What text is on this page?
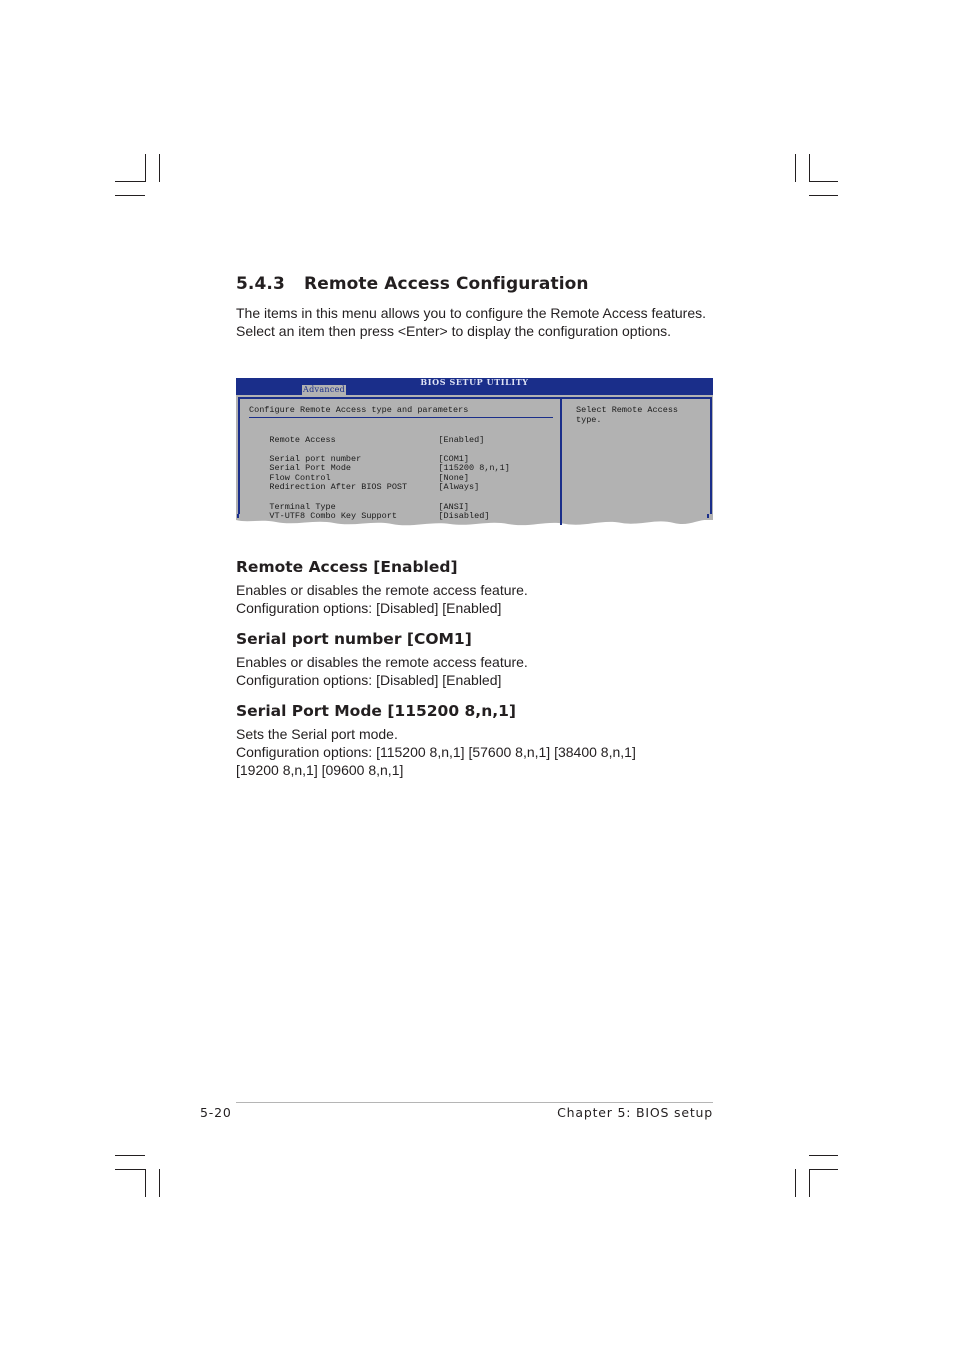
5.4.3 Remote Access Configuration

The items in this menu allows you to configure the Remote Access features. Select an item then press <Enter> to display the configuration options.

BIOS SETUP UTILITY
Advanced
Configure Remote Access type and parameters	Select Remote Access type.

Remote Access	[Enabled]

Serial port number	[COM1]

Serial Port Mode	[115200 8,n,1]

Flow Control	[None]

Redirection After BIOS POST	[Always]

Terminal Type	[ANSI]

VT-UTF8 Combo Key Support	[Disabled]

Remote Access [Enabled]

Enables or disables the remote access feature.

Configuration options: [Disabled] [Enabled]

Serial port number [COM1]

Enables or disables the remote access feature.

Configuration options: [Disabled] [Enabled]

Serial Port Mode [115200 8,n,1]

Sets the Serial port mode.

Configuration options: [115200 8,n,1] [57600 8,n,1] [38400 8,n,1] [19200 8,n,1] [09600 8,n,1]

5-20	Chapter 5: BIOS setup
